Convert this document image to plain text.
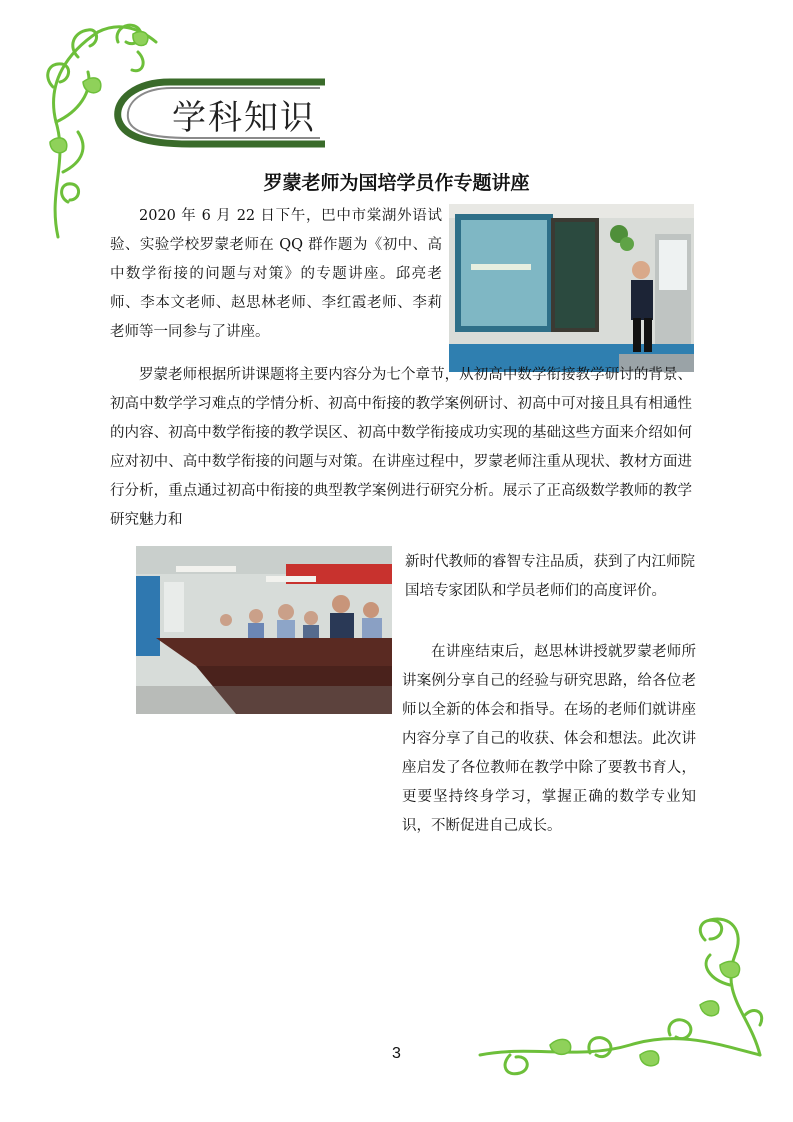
学科知识
罗蒙老师为国培学员作专题讲座
2020 年 6 月 22 日下午，巴中市棠湖外语试验、实验学校罗蒙老师在 QQ 群作题为《初中、高中数学衔接的问题与对策》的专题讲座。邱亮老师、李本文老师、赵思林老师、李红霞老师、李莉老师等一同参与了讲座。
罗蒙老师根据所讲课题将主要内容分为七个章节，从初高中数学衔接教学研讨的背景、初高中数学学习难点的学情分析、初高中衔接的教学案例研讨、初高中可对接且具有相通性的内容、初高中数学衔接的教学误区、初高中数学衔接成功实现的基础这些方面来介绍如何应对初中、高中数学衔接的问题与对策。在讲座过程中，罗蒙老师注重从现状、教材方面进行分析，重点通过初高中衔接的典型教学案例进行研究分析。展示了正高级数学教师的教学研究魅力和
新时代教师的睿智专注品质，获到了内江师院国培专家团队和学员老师们的高度评价。
在讲座结束后，赵思林讲授就罗蒙老师所讲案例分享自己的经验与研究思路，给各位老师以全新的体会和指导。在场的老师们就讲座内容分享了自己的收获、体会和想法。此次讲座启发了各位教师在教学中除了要教书育人，更要坚持终身学习，掌握正确的数学专业知识，不断促进自己成长。
3
